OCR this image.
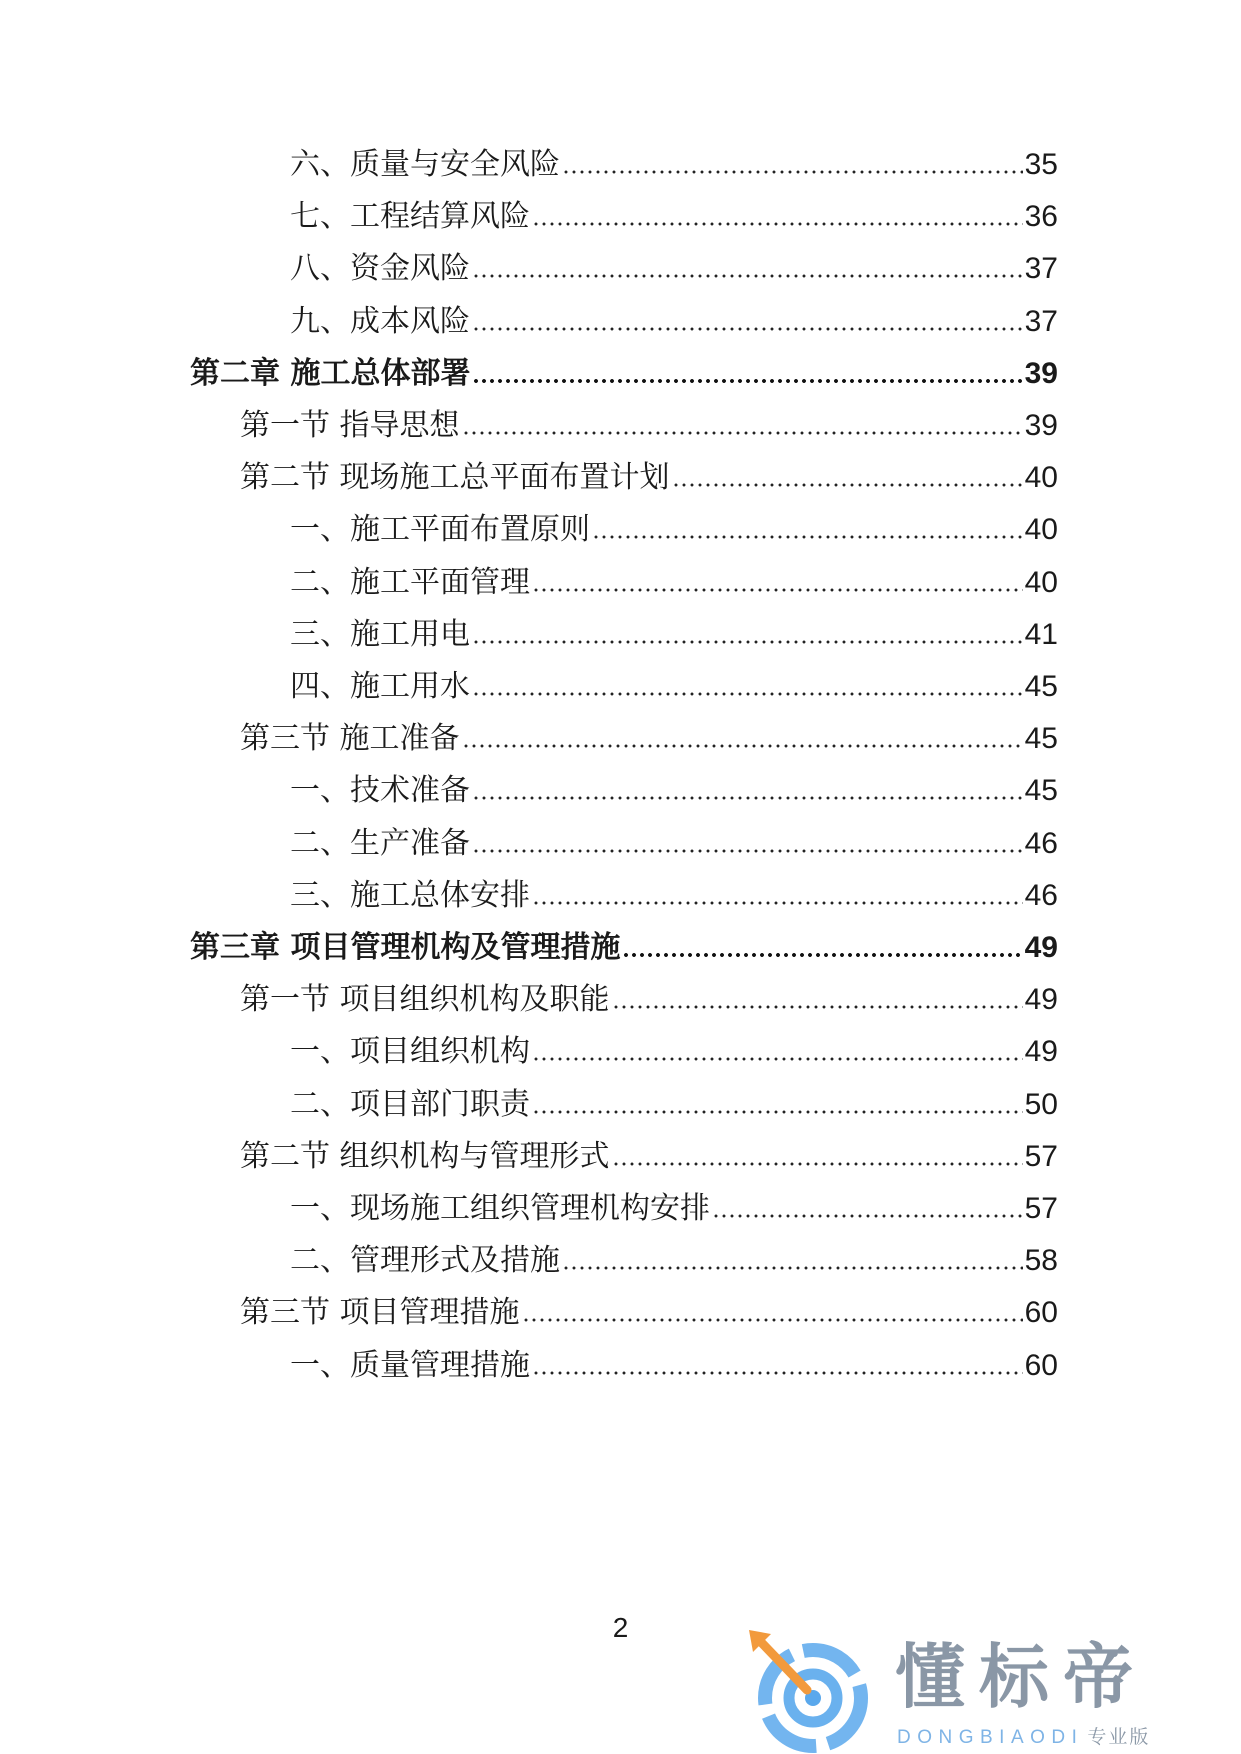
六、质量与安全风险	35
七、工程结算风险	36
八、资金风险	37
九、成本风险	37
第二章 施工总体部署	39
第一节 指导思想	39
第二节 现场施工总平面布置计划	40
一、施工平面布置原则	40
二、施工平面管理	40
三、施工用电	41
四、施工用水	45
第三节 施工准备	45
一、技术准备	45
二、生产准备	46
三、施工总体安排	46
第三章 项目管理机构及管理措施	49
第一节 项目组织机构及职能	49
一、项目组织机构	49
二、项目部门职责	50
第二节 组织机构与管理形式	57
一、现场施工组织管理机构安排	57
二、管理形式及措施	58
第三节 项目管理措施	60
一、质量管理措施	60
2
懂标帝
DONGBIAODI 专业版
